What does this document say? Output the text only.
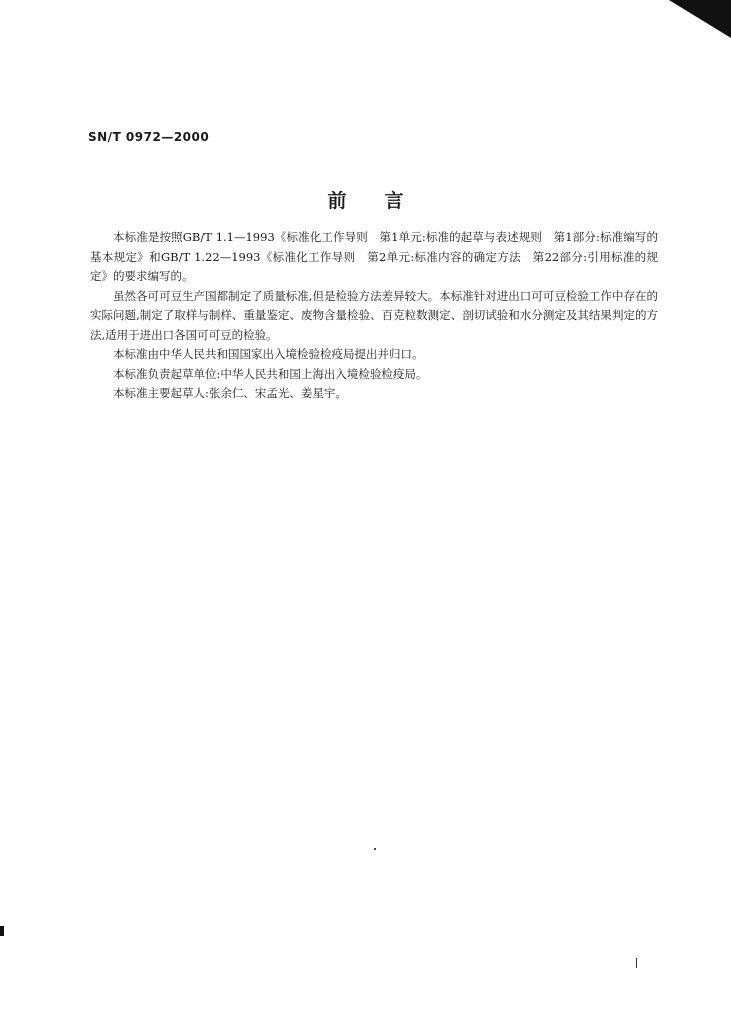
SN/T 0972—2000
前 言

本标准是按照GB/T 1.1—1993《标准化工作导则　第1单元:标准的起草与表述规则　第1部分:标准编写的基本规定》和GB/T 1.22—1993《标准化工作导则　第2单元:标准内容的确定方法　第22部分:引用标准的规定》的要求编写的。

虽然各可可豆生产国都制定了质量标准,但是检验方法差异较大。本标准针对进出口可可豆检验工作中存在的实际问题,制定了取样与制样、重量鉴定、废物含量检验、百克粒数测定、剖切试验和水分测定及其结果判定的方法,适用于进出口各国可可豆的检验。

本标准由中华人民共和国国家出入境检验检疫局提出并归口。

本标准负责起草单位:中华人民共和国上海出入境检验检疫局。

本标准主要起草人:张余仁、宋孟光、姜星宇。
